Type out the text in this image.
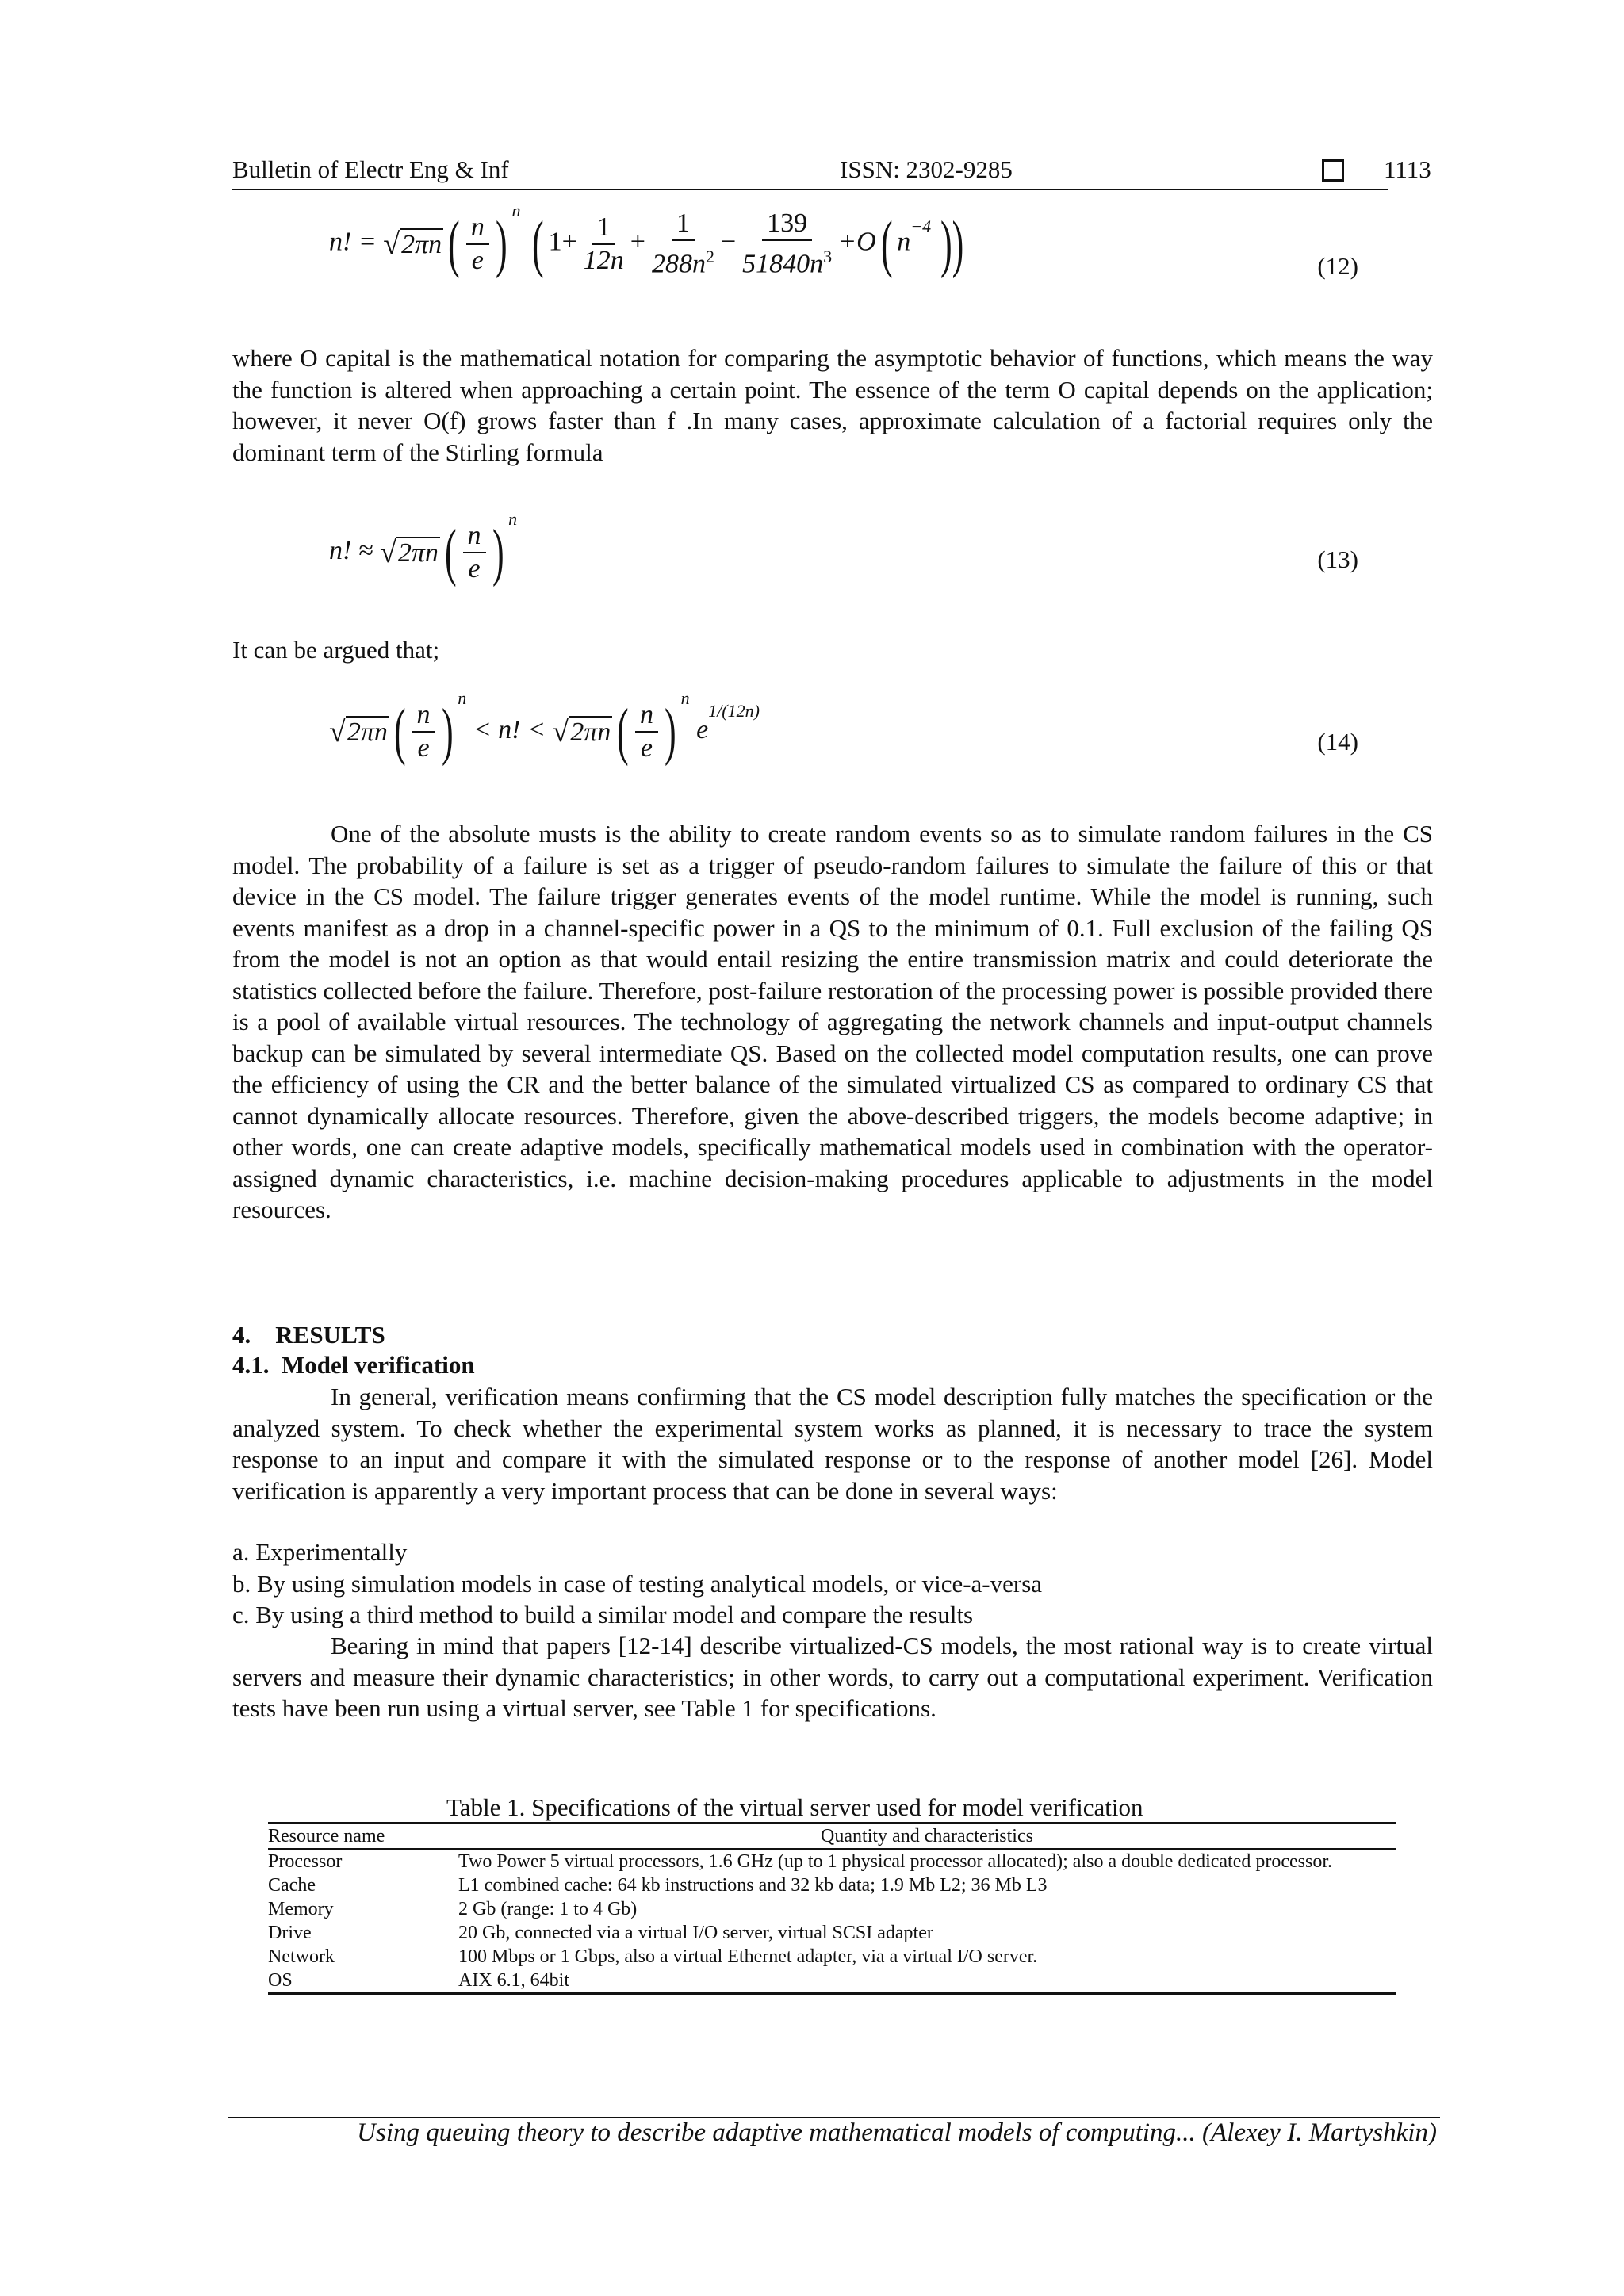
Bulletin of Electr Eng & Inf	ISSN: 2302-9285	1113
n! = √ 2πn ( $\frac{n}{e}$ ) $^n$ ( $1+ \frac{1}{12n} + \frac{1}{288n^2} - \frac{139}{51840n^3} +O$( $n^{-4}$ ))	(12)
where O capital is the mathematical notation for comparing the asymptotic behavior of functions, which means the way the function is altered when approaching a certain point. The essence of the term O capital depends on the application; however, it never O(f) grows faster than f .In many cases, approximate calculation of a factorial requires only the dominant term of the Stirling formula
n! ≈ √ 2πn ( $\frac{n}{e}$ ) $^n$
(13)
It can be argued that;
√ 2πn ( $\frac{n}{e}$ ) $^n$ < n! < √ 2πn ( $\frac{n}{e}$ ) $^n$ $e^{1/(12n)}$
(14)
One of the absolute musts is the ability to create random events so as to simulate random failures in the CS model. The probability of a failure is set as a trigger of pseudo-random failures to simulate the failure of this or that device in the CS model. The failure trigger generates events of the model runtime. While the model is running, such events manifest as a drop in a channel-specific power in a QS to the minimum of 0.1. Full exclusion of the failing QS from the model is not an option as that would entail resizing the entire transmission matrix and could deteriorate the statistics collected before the failure. Therefore, post-failure restoration of the processing power is possible provided there is a pool of available virtual resources. The technology of aggregating the network channels and input-output channels backup can be simulated by several intermediate QS. Based on the collected model computation results, one can prove the efficiency of using the CR and the better balance of the simulated virtualized CS as compared to ordinary CS that cannot dynamically allocate resources. Therefore, given the above-described triggers, the models become adaptive; in other words, one can create adaptive models, specifically mathematical models used in combination with the operator-assigned dynamic characteristics, i.e. machine decision-making procedures applicable to adjustments in the model resources.
4.    RESULTS
4.1.  Model verification
In general, verification means confirming that the CS model description fully matches the specification or the analyzed system. To check whether the experimental system works as planned, it is necessary to trace the system response to an input and compare it with the simulated response or to the response of another model [26]. Model verification is apparently a very important process that can be done in several ways:
a. Experimentally
b. By using simulation models in case of testing analytical models, or vice-a-versa
c. By using a third method to build a similar model and compare the results
Bearing in mind that papers [12-14] describe virtualized-CS models, the most rational way is to create virtual servers and measure their dynamic characteristics; in other words, to carry out a computational experiment. Verification tests have been run using a virtual server, see Table 1 for specifications.
Table 1. Specifications of the virtual server used for model verification
Resource name	Quantity and characteristics
Processor	Two Power 5 virtual processors, 1.6 GHz (up to 1 physical processor allocated); also a double dedicated processor.
Cache	L1 combined cache: 64 kb instructions and 32 kb data; 1.9 Mb L2; 36 Mb L3
Memory	2 Gb (range: 1 to 4 Gb)
Drive	20 Gb, connected via a virtual I/O server, virtual SCSI adapter
Network	100 Mbps or 1 Gbps, also a virtual Ethernet adapter, via a virtual I/O server.
OS	AIX 6.1, 64bit
Using queuing theory to describe adaptive mathematical models of computing... (Alexey I. Martyshkin)
